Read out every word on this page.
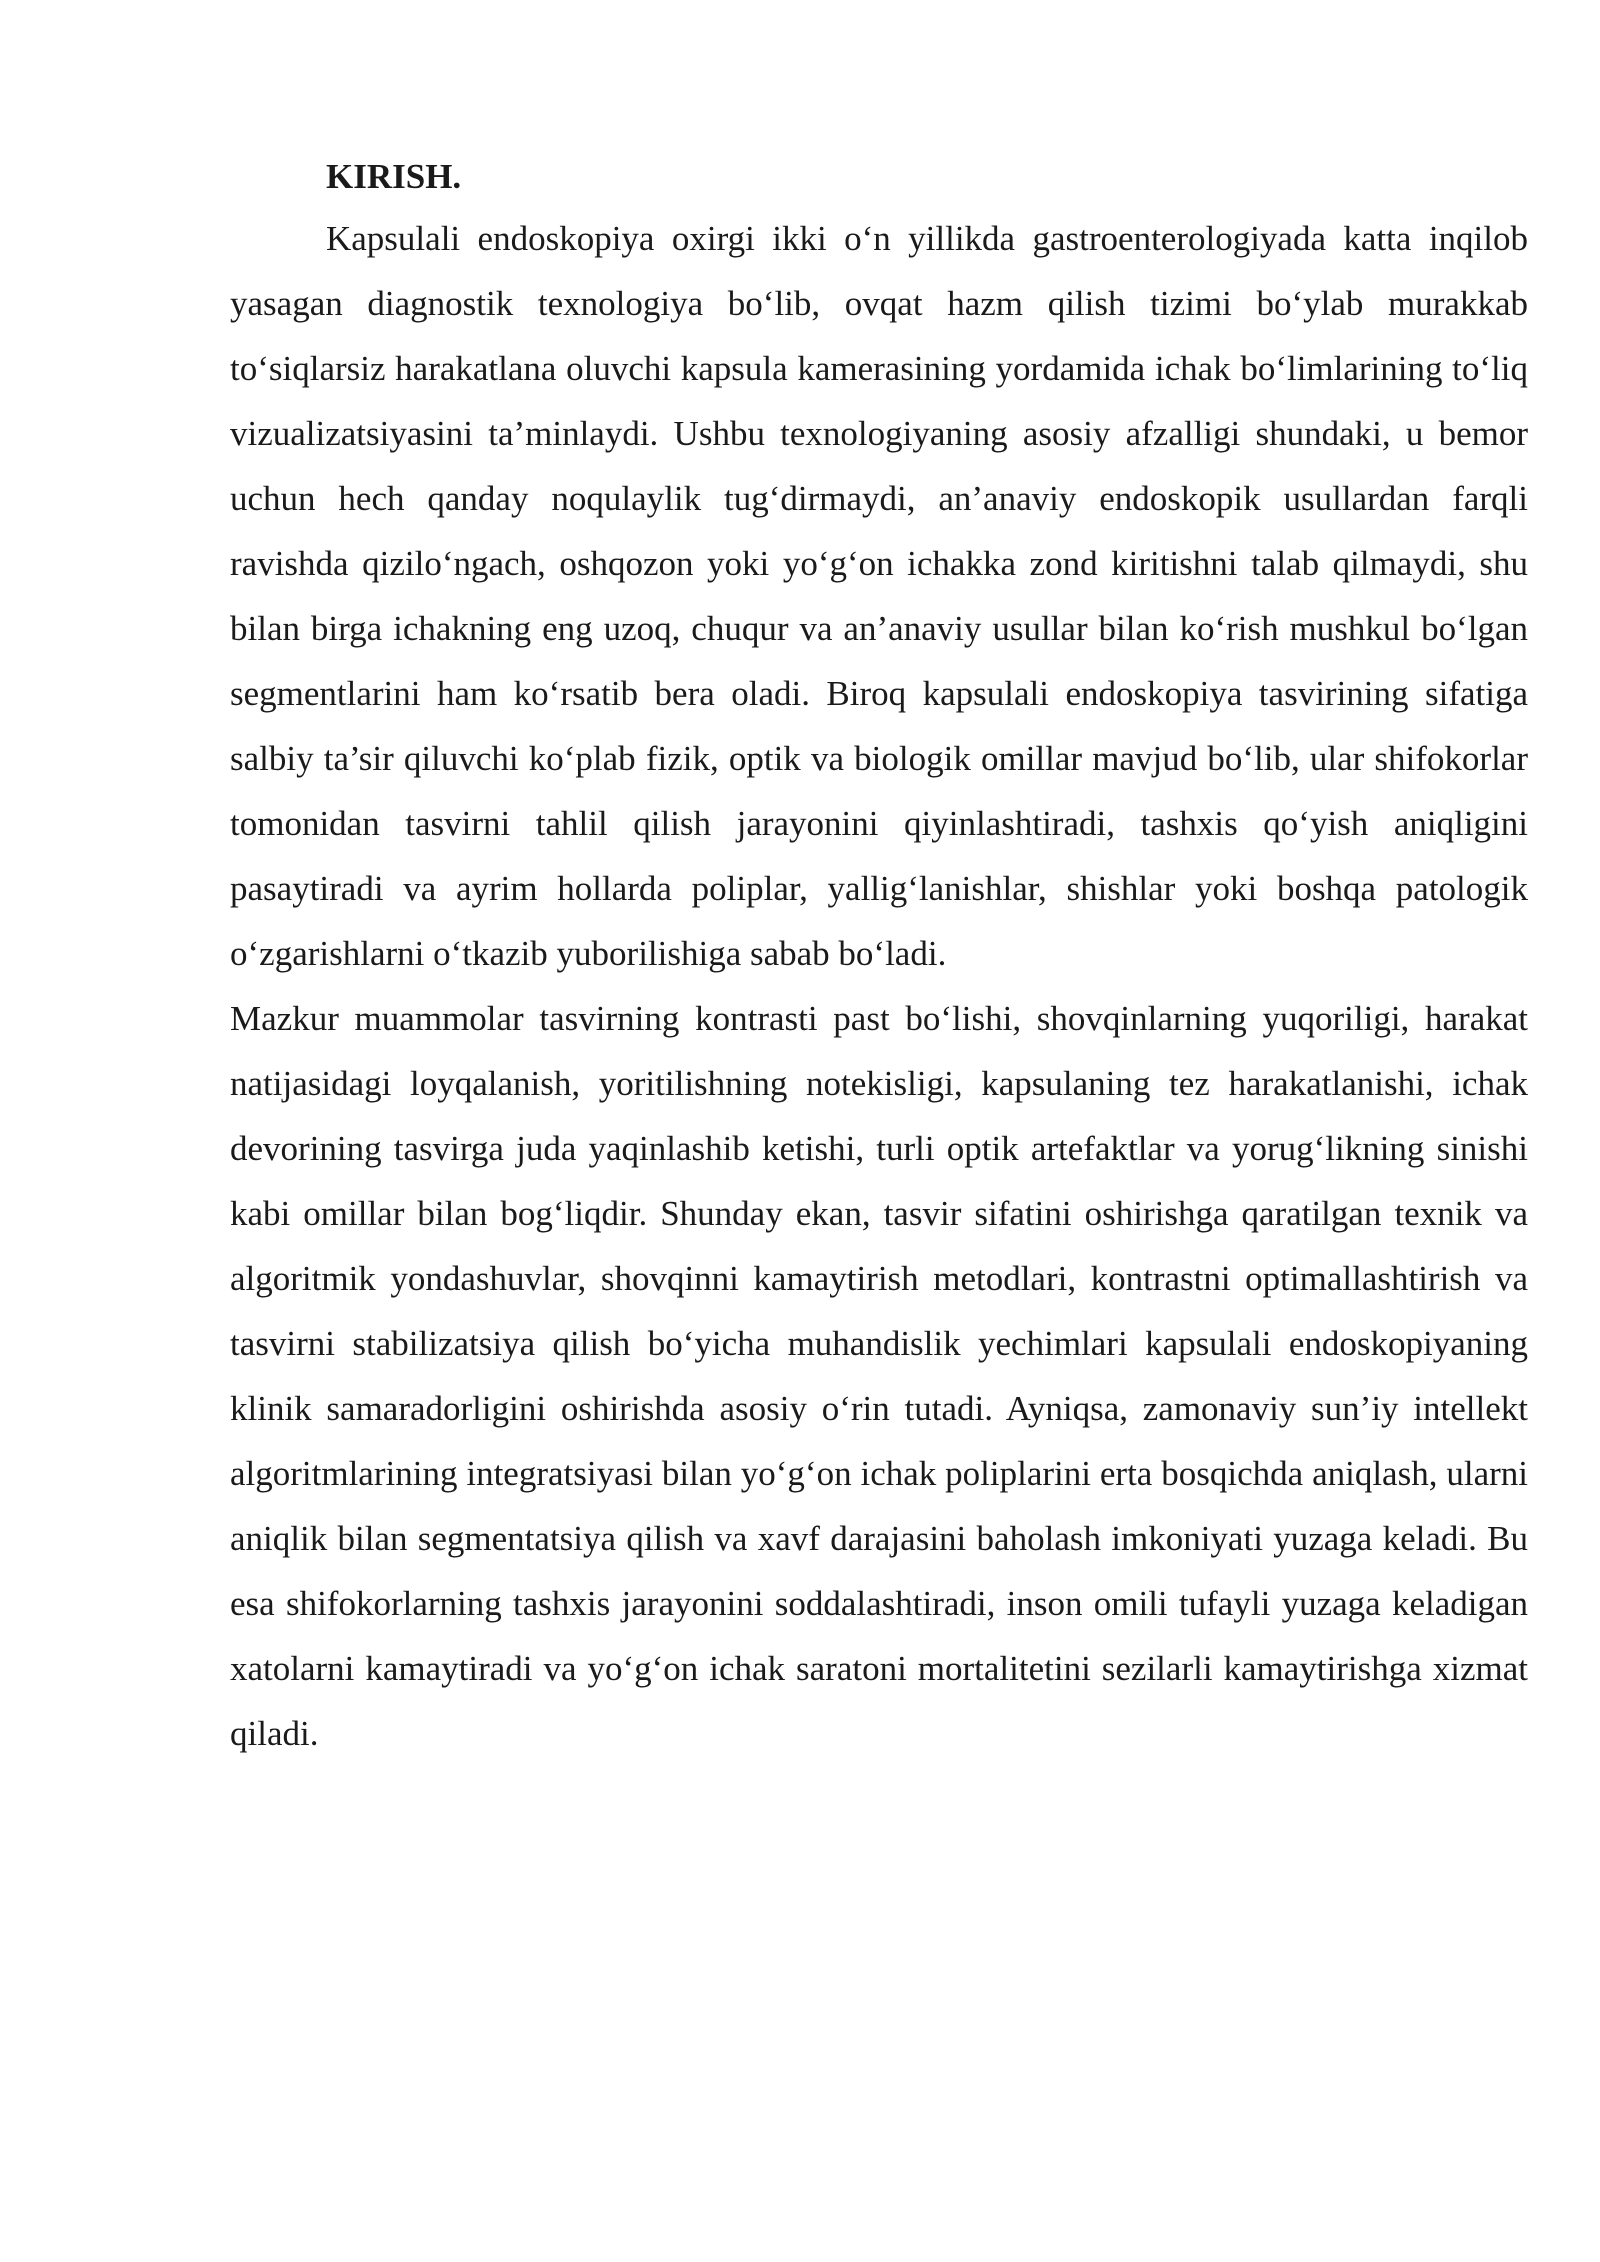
KIRISH.

Kapsulali endoskopiya oxirgi ikki o‘n yillikda gastroenterologiyada katta inqilob yasagan diagnostik texnologiya bo‘lib, ovqat hazm qilish tizimi bo‘ylab murakkab to‘siqlarsiz harakatlana oluvchi kapsula kamerasining yordamida ichak bo‘limlarining to‘liq vizualizatsiyasini ta’minlaydi. Ushbu texnologiyaning asosiy afzalligi shundaki, u bemor uchun hech qanday noqulaylik tug‘dirmaydi, an’anaviy endoskopik usullardan farqli ravishda qizilo‘ngach, oshqozon yoki yo‘g‘on ichakka zond kiritishni talab qilmaydi, shu bilan birga ichakning eng uzoq, chuqur va an’anaviy usullar bilan ko‘rish mushkul bo‘lgan segmentlarini ham ko‘rsatib bera oladi. Biroq kapsulali endoskopiya tasvirining sifatiga salbiy ta’sir qiluvchi ko‘plab fizik, optik va biologik omillar mavjud bo‘lib, ular shifokorlar tomonidan tasvirni tahlil qilish jarayonini qiyinlashtiradi, tashxis qo‘yish aniqligini pasaytiradi va ayrim hollarda poliplar, yallig‘lanishlar, shishlar yoki boshqa patologik o‘zgarishlarni o‘tkazib yuborilishiga sabab bo‘ladi.

Mazkur muammolar tasvirning kontrasti past bo‘lishi, shovqinlarning yuqoriligi, harakat natijasidagi loyqalanish, yoritilishning notekisligi, kapsulaning tez harakatlanishi, ichak devorining tasvirga juda yaqinlashib ketishi, turli optik artefaktlar va yorug‘likning sinishi kabi omillar bilan bog‘liqdir. Shunday ekan, tasvir sifatini oshirishga qaratilgan texnik va algoritmik yondashuvlar, shovqinni kamaytirish metodlari, kontrastni optimallashtirish va tasvirni stabilizatsiya qilish bo‘yicha muhandislik yechimlari kapsulali endoskopiyaning klinik samaradorligini oshirishda asosiy o‘rin tutadi. Ayniqsa, zamonaviy sun’iy intellekt algoritmlarining integratsiyasi bilan yo‘g‘on ichak poliplarini erta bosqichda aniqlash, ularni aniqlik bilan segmentatsiya qilish va xavf darajasini baholash imkoniyati yuzaga keladi. Bu esa shifokorlarning tashxis jarayonini soddalashtiradi, inson omili tufayli yuzaga keladigan xatolarni kamaytiradi va yo‘g‘on ichak saratoni mortalitetini sezilarli kamaytirishga xizmat qiladi.
